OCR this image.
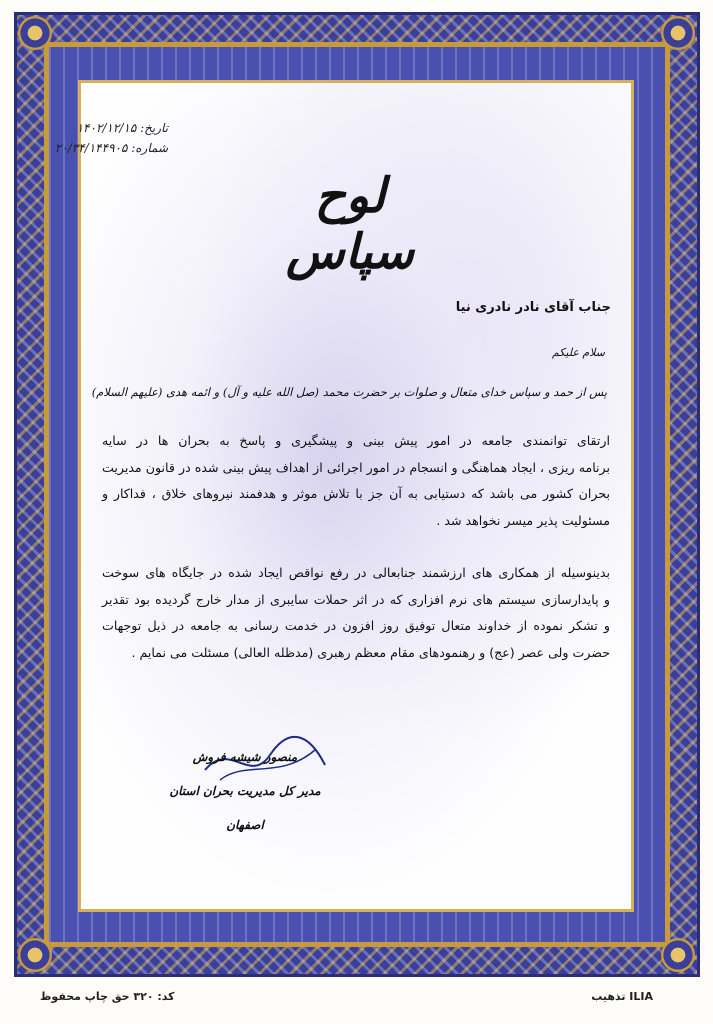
تاریخ: ۱۴۰۲/۱۲/۱۵
شماره: ۲۰/۳۴/۱۴۴۹۰۵
لوح سپاس
جناب آقای نادر نادری نیا
سلام علیکم
پس از حمد و سپاس خدای متعال و صلوات بر حضرت محمد (صل الله علیه و آل) و ائمه هدی (علیهم السلام)
ارتقای توانمندی جامعه در امور پیش بینی و پیشگیری و پاسخ به بحران ها در سایه
برنامه ریزی ، ایجاد هماهنگی و انسجام در امور اجرائی از اهداف پیش بینی شده در قانون مدیریت
بحران کشور می باشد که دستیابی به آن جز با تلاش موثر و هدفمند نیروهای خلاق ، فداکار و
مسئولیت پذیر میسر نخواهد شد .
بدینوسیله از همکاری های ارزشمند جنابعالی در رفع نواقص ایجاد شده در جایگاه های سوخت
و پایدارسازی سیستم های نرم افزاری که در اثر حملات سایبری از مدار خارج گردیده بود تقدیر
و تشکر نموده از خداوند متعال توفیق روز افزون در خدمت رسانی به جامعه در ذیل توجهات
حضرت ولی عصر (عج) و رهنمودهای مقام معظم رهبری (مدظله العالی) مسئلت می نمایم .
منصور شیشه فروش
مدیر کل مدیریت بحران استان اصفهان
کد: ۳۲۰ حق چاپ محفوظ	ILIA تذهیب
